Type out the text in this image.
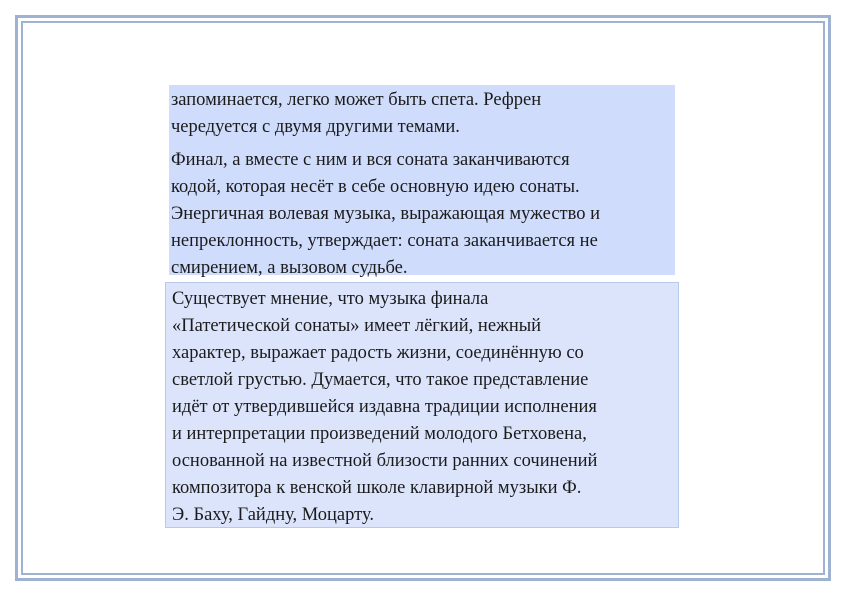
запоминается, легко может быть спета. Рефрен
чередуется с двумя другими темами.

Финал, а вместе с ним и вся соната заканчиваются
кодой, которая несёт в себе основную идею сонаты.
Энергичная волевая музыка, выражающая мужество и
непреклонность, утверждает: соната заканчивается не
смирением, а вызовом судьбе.

Существует мнение, что музыка финала
«Патетической сонаты» имеет лёгкий, нежный
характер, выражает радость жизни, соединённую со
светлой грустью. Думается, что такое представление
идёт от утвердившейся издавна традиции исполнения
и интерпретации произведений молодого Бетховена,
основанной на известной близости ранних сочинений
композитора к венской школе клавирной музыки Ф.
Э. Баху, Гайдну, Моцарту.
